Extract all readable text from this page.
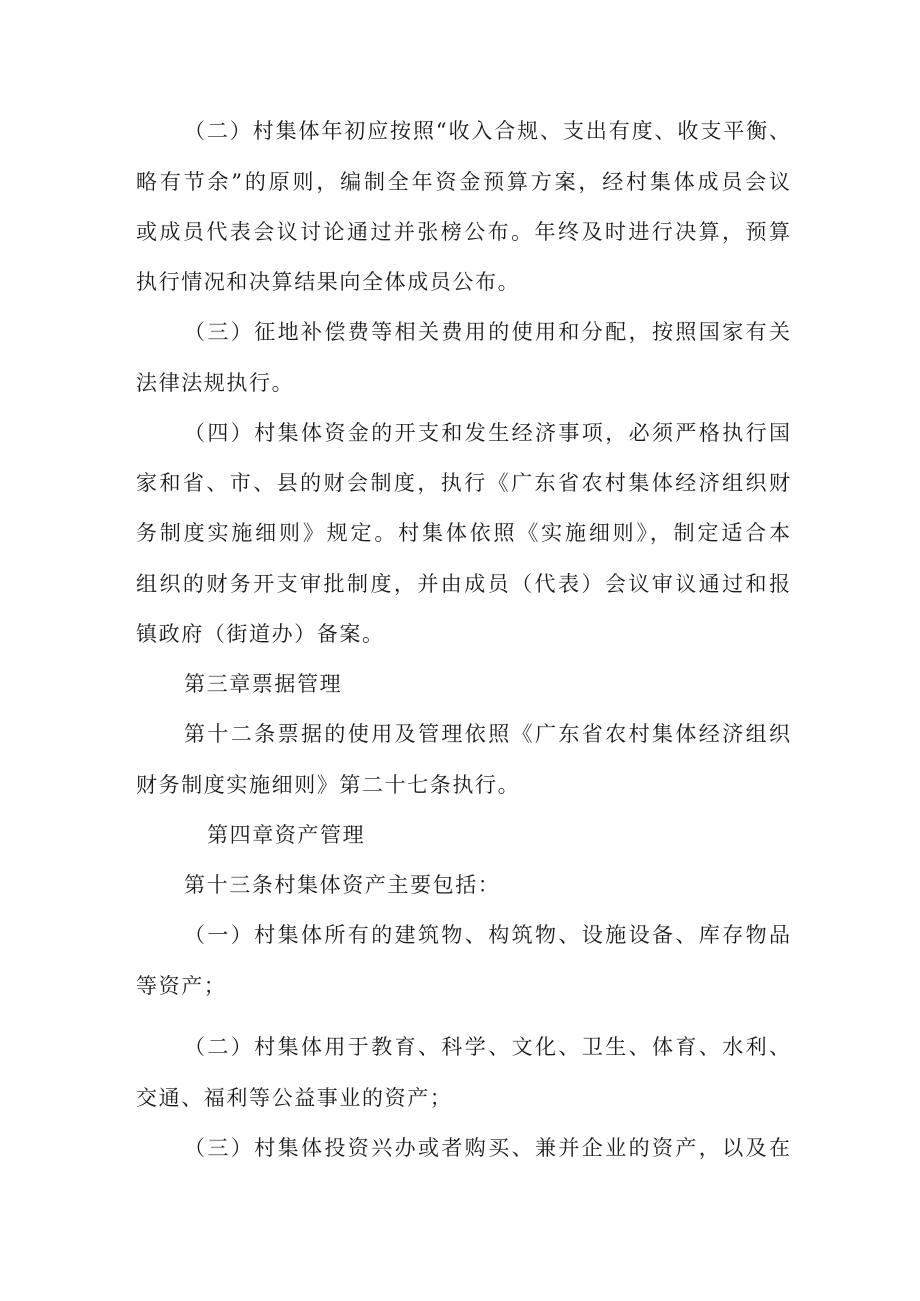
（二）村集体年初应按照“收入合规、支出有度、收支平衡、

略有节余”的原则，编制全年资金预算方案，经村集体成员会议

或成员代表会议讨论通过并张榜公布。年终及时进行决算，预算

执行情况和决算结果向全体成员公布。

（三）征地补偿费等相关费用的使用和分配，按照国家有关

法律法规执行。

（四）村集体资金的开支和发生经济事项，必须严格执行国

家和省、市、县的财会制度，执行《广东省农村集体经济组织财

务制度实施细则》规定。村集体依照《实施细则》，制定适合本

组织的财务开支审批制度，并由成员（代表）会议审议通过和报

镇政府（街道办）备案。

第三章票据管理

第十二条票据的使用及管理依照《广东省农村集体经济组织

财务制度实施细则》第二十七条执行。

第四章资产管理

第十三条村集体资产主要包括：

（一）村集体所有的建筑物、构筑物、设施设备、库存物品

等资产；

（二）村集体用于教育、科学、文化、卫生、体育、水利、

交通、福利等公益事业的资产；

（三）村集体投资兴办或者购买、兼并企业的资产，以及在
